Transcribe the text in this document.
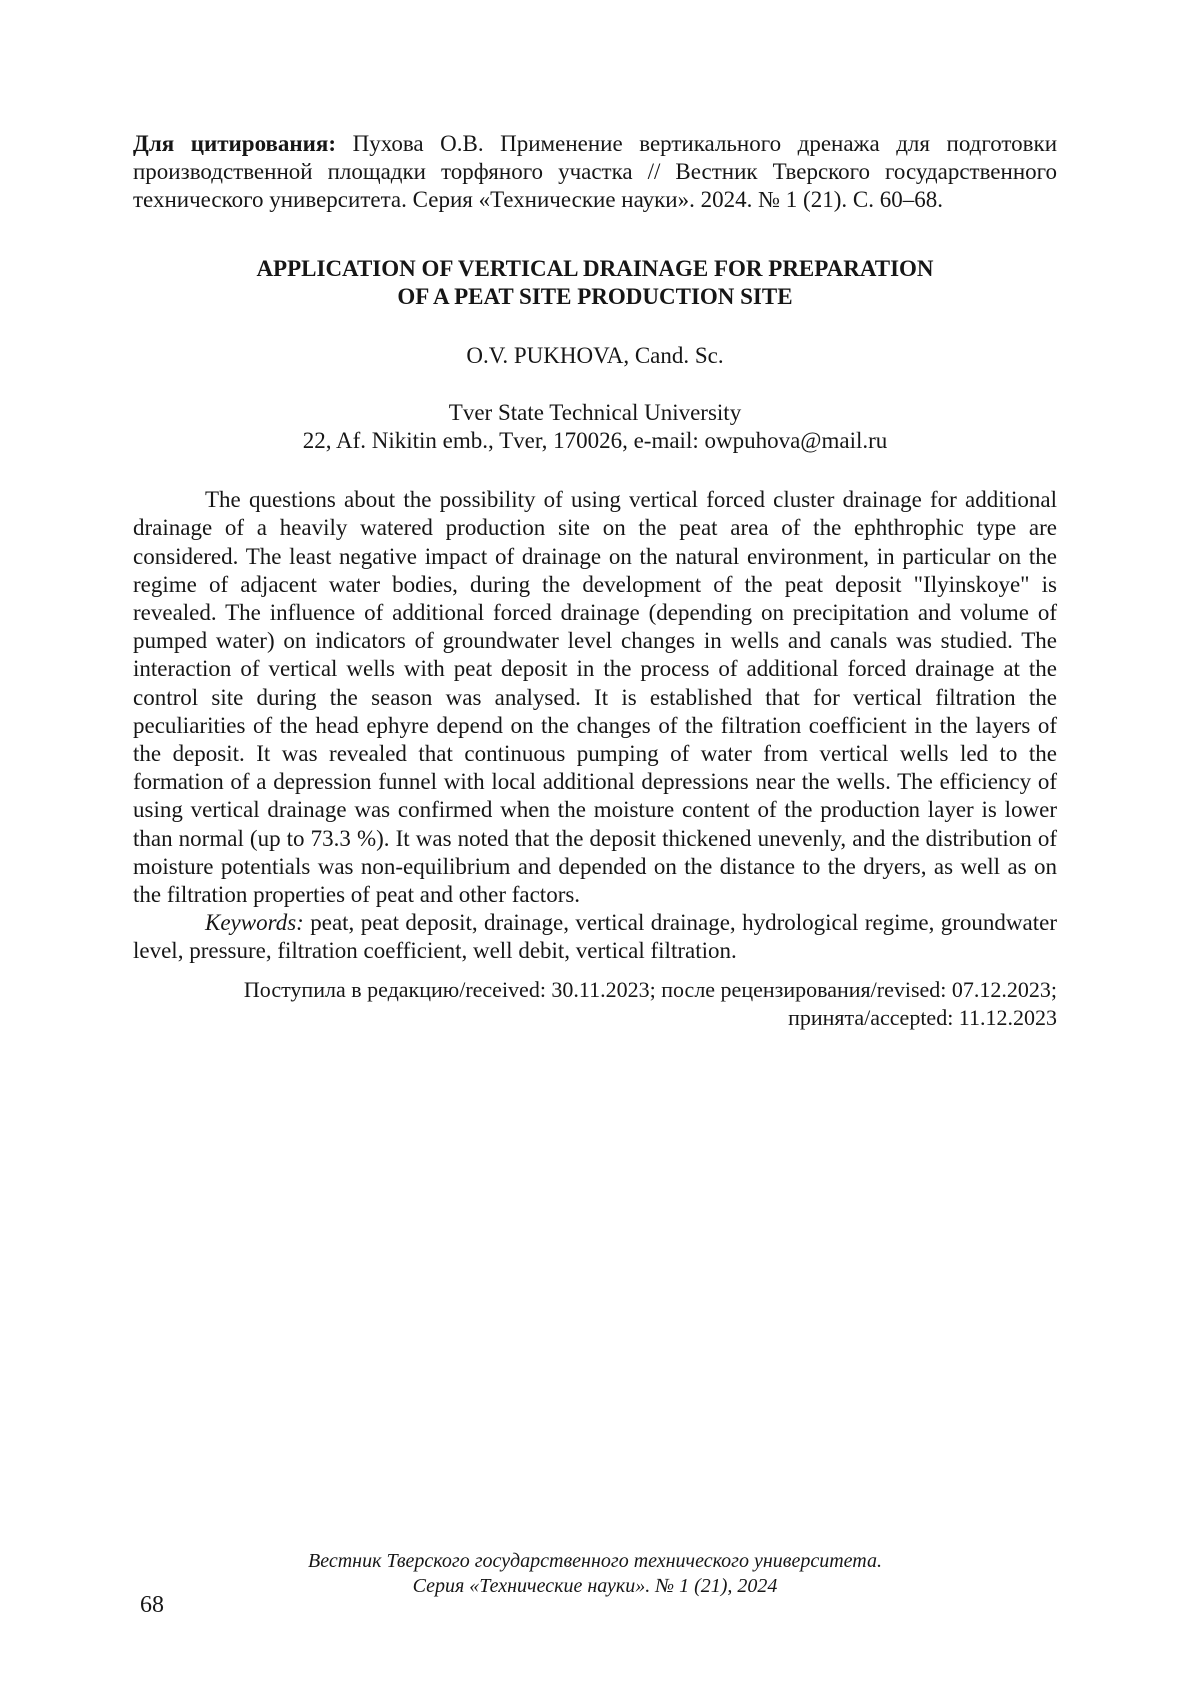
Для цитирования: Пухова О.В. Применение вертикального дренажа для подготовки производственной площадки торфяного участка // Вестник Тверского государственного технического университета. Серия «Технические науки». 2024. № 1 (21). С. 60–68.

APPLICATION OF VERTICAL DRAINAGE FOR PREPARATION
OF A PEAT SITE PRODUCTION SITE

O.V. PUKHOVA, Cand. Sc.

Tver State Technical University
22, Af. Nikitin emb., Tver, 170026, e-mail: owpuhova@mail.ru

The questions about the possibility of using vertical forced cluster drainage for additional drainage of a heavily watered production site on the peat area of the ephthrophic type are considered. The least negative impact of drainage on the natural environment, in particular on the regime of adjacent water bodies, during the development of the peat deposit "Ilyinskoye" is revealed. The influence of additional forced drainage (depending on precipitation and volume of pumped water) on indicators of groundwater level changes in wells and canals was studied. The interaction of vertical wells with peat deposit in the process of additional forced drainage at the control site during the season was analysed. It is established that for vertical filtration the peculiarities of the head ephyre depend on the changes of the filtration coefficient in the layers of the deposit. It was revealed that continuous pumping of water from vertical wells led to the formation of a depression funnel with local additional depressions near the wells. The efficiency of using vertical drainage was confirmed when the moisture content of the production layer is lower than normal (up to 73.3 %). It was noted that the deposit thickened unevenly, and the distribution of moisture potentials was non-equilibrium and depended on the distance to the dryers, as well as on the filtration properties of peat and other factors.

Keywords: peat, peat deposit, drainage, vertical drainage, hydrological regime, groundwater level, pressure, filtration coefficient, well debit, vertical filtration.

Поступила в редакцию/received: 30.11.2023; после рецензирования/revised: 07.12.2023;
принята/accepted: 11.12.2023
Вестник Тверского государственного технического университета.
Серия «Технические науки». № 1 (21), 2024
68
